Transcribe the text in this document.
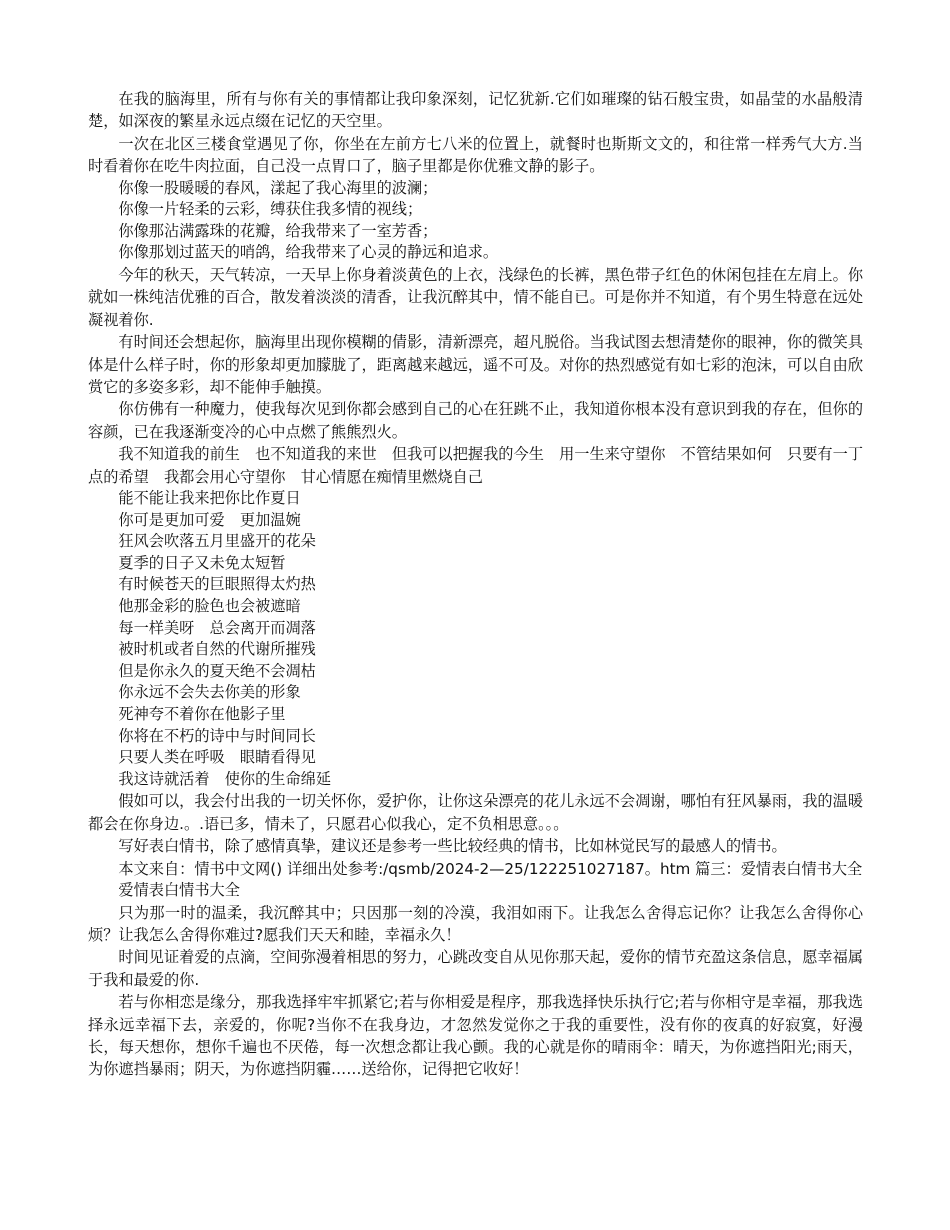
在我的脑海里，所有与你有关的事情都让我印象深刻，记忆犹新.它们如璀璨的钻石般宝贵，如晶莹的水晶般清楚，如深夜的繁星永远点缀在记忆的天空里。

一次在北区三楼食堂遇见了你，你坐在左前方七八米的位置上，就餐时也斯斯文文的，和往常一样秀气大方.当时看着你在吃牛肉拉面，自己没一点胃口了，脑子里都是你优雅文静的影子。

你像一股暖暖的春风，漾起了我心海里的波澜；

你像一片轻柔的云彩，缚获住我多情的视线；

你像那沾满露珠的花瓣，给我带来了一室芳香；

你像那划过蓝天的哨鸽，给我带来了心灵的静远和追求。

今年的秋天，天气转凉，一天早上你身着淡黄色的上衣，浅绿色的长裤，黑色带子红色的休闲包挂在左肩上。你就如一株纯洁优雅的百合，散发着淡淡的清香，让我沉醉其中，情不能自已。可是你并不知道，有个男生特意在远处凝视着你.

有时间还会想起你，脑海里出现你模糊的倩影，清新漂亮，超凡脱俗。当我试图去想清楚你的眼神，你的微笑具体是什么样子时，你的形象却更加朦胧了，距离越来越远，遥不可及。对你的热烈感觉有如七彩的泡沫，可以自由欣赏它的多姿多彩，却不能伸手触摸。

你仿佛有一种魔力，使我每次见到你都会感到自己的心在狂跳不止，我知道你根本没有意识到我的存在，但你的容颜，已在我逐渐变冷的心中点燃了熊熊烈火。

我不知道我的前生　也不知道我的来世　但我可以把握我的今生　用一生来守望你　不管结果如何　只要有一丁点的希望　我都会用心守望你　甘心情愿在痴情里燃烧自己

能不能让我来把你比作夏日

你可是更加可爱　更加温婉

狂风会吹落五月里盛开的花朵

夏季的日子又未免太短暂

有时候苍天的巨眼照得太灼热

他那金彩的脸色也会被遮暗

每一样美呀　总会离开而凋落

被时机或者自然的代谢所摧残

但是你永久的夏天绝不会凋枯

你永远不会失去你美的形象

死神夸不着你在他影子里

你将在不朽的诗中与时间同长

只要人类在呼吸　眼睛看得见

我这诗就活着　使你的生命绵延

假如可以，我会付出我的一切关怀你，爱护你，让你这朵漂亮的花儿永远不会凋谢，哪怕有狂风暴雨，我的温暖都会在你身边.。.语已多，情未了，只愿君心似我心，定不负相思意。。。

写好表白情书，除了感情真挚，建议还是参考一些比较经典的情书，比如林觉民写的最感人的情书。

本文来自：情书中文网() 详细出处参考:/qsmb/2024-2—25/122251027187。htm 篇三：爱情表白情书大全

爱情表白情书大全

只为那一时的温柔，我沉醉其中；只因那一刻的冷漠，我泪如雨下。让我怎么舍得忘记你？让我怎么舍得你心烦？让我怎么舍得你难过?愿我们天天和睦，幸福永久！

时间见证着爱的点滴，空间弥漫着相思的努力，心跳改变自从见你那天起，爱你的情节充盈这条信息，愿幸福属于我和最爱的你.

若与你相恋是缘分，那我选择牢牢抓紧它;若与你相爱是程序，那我选择快乐执行它;若与你相守是幸福，那我选择永远幸福下去，亲爱的，你呢?当你不在我身边，才忽然发觉你之于我的重要性，没有你的夜真的好寂寞，好漫长，每天想你，想你千遍也不厌倦，每一次想念都让我心颤。我的心就是你的晴雨伞：晴天，为你遮挡阳光;雨天，为你遮挡暴雨；阴天，为你遮挡阴霾……送给你，记得把它收好！
